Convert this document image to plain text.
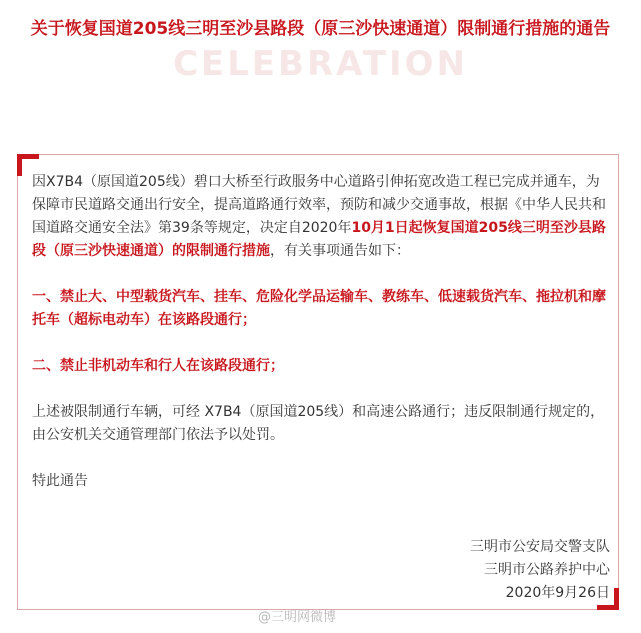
CELEBRATION
关于恢复国道205线三明至沙县路段（原三沙快速通道）限制通行措施的通告

因X7B4（原国道205线）碧口大桥至行政服务中心道路引伸拓宽改造工程已完成并通车，为保障市民道路交通出行安全，提高道路通行效率，预防和减少交通事故，根据《中华人民共和国道路交通安全法》第39条等规定，决定自2020年10月1日起恢复国道205线三明至沙县路段（原三沙快速通道）的限制通行措施，有关事项通告如下：

一、禁止大、中型载货汽车、挂车、危险化学品运输车、教练车、低速载货汽车、拖拉机和摩托车（超标电动车）在该路段通行；

二、禁止非机动车和行人在该路段通行；

上述被限制通行车辆，可经 X7B4（原国道205线）和高速公路通行；违反限制通行规定的，由公安机关交通管理部门依法予以处罚。

特此通告

三明市公安局交警支队
三明市公路养护中心
2020年9月26日
@三明网微博
